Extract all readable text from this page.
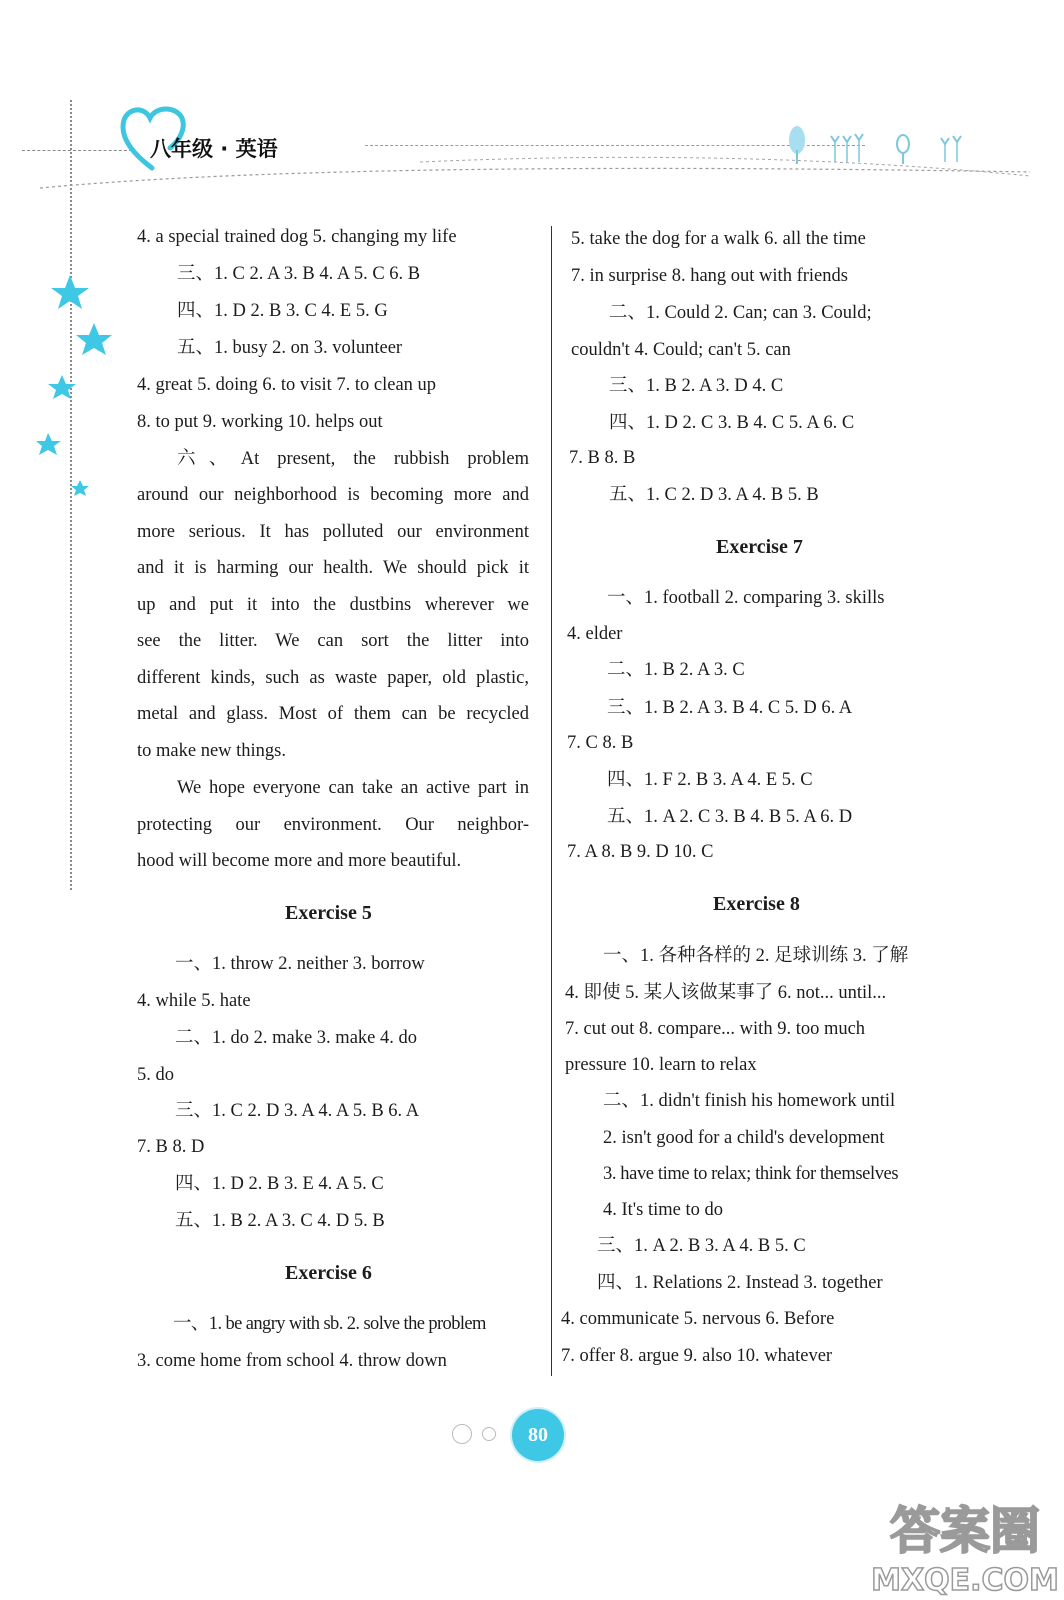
八年级 · 英语
4. a special trained dog 5. changing my life
三、1. C 2. A 3. B 4. A 5. C 6. B
四、1. D 2. B 3. C 4. E 5. G
五、1. busy 2. on 3. volunteer
4. great 5. doing 6. to visit 7. to clean up
8. to put 9. working 10. helps out
六、At present, the rubbish problem
around our neighborhood is becoming more and
more serious. It has polluted our environment
and it is harming our health. We should pick it
up and put it into the dustbins wherever we
see the litter. We can sort the litter into
different kinds, such as waste paper, old plastic,
metal and glass. Most of them can be recycled
to make new things.
We hope everyone can take an active part in
protecting our environment. Our neighbor-
hood will become more and more beautiful.
Exercise 5
一、1. throw 2. neither 3. borrow
4. while 5. hate
二、1. do 2. make 3. make 4. do
5. do
三、1. C 2. D 3. A 4. A 5. B 6. A
7. B 8. D
四、1. D 2. B 3. E 4. A 5. C
五、1. B 2. A 3. C 4. D 5. B
Exercise 6
一、1. be angry with sb. 2. solve the problem
3. come home from school 4. throw down
5. take the dog for a walk 6. all the time
7. in surprise 8. hang out with friends
二、1. Could 2. Can; can 3. Could;
couldn't 4. Could; can't 5. can
三、1. B 2. A 3. D 4. C
四、1. D 2. C 3. B 4. C 5. A 6. C
7. B 8. B
五、1. C 2. D 3. A 4. B 5. B
Exercise 7
一、1. football 2. comparing 3. skills
4. elder
二、1. B 2. A 3. C
三、1. B 2. A 3. B 4. C 5. D 6. A
7. C 8. B
四、1. F 2. B 3. A 4. E 5. C
五、1. A 2. C 3. B 4. B 5. A 6. D
7. A 8. B 9. D 10. C
Exercise 8
一、1. 各种各样的 2. 足球训练 3. 了解
4. 即使 5. 某人该做某事了 6. not... until...
7. cut out 8. compare... with 9. too much
pressure 10. learn to relax
二、1. didn't finish his homework until
2. isn't good for a child's development
3. have time to relax; think for themselves
4. It's time to do
三、1. A 2. B 3. A 4. B 5. C
四、1. Relations 2. Instead 3. together
4. communicate 5. nervous 6. Before
7. offer 8. argue 9. also 10. whatever
80
答案圈
MXQE.COM
